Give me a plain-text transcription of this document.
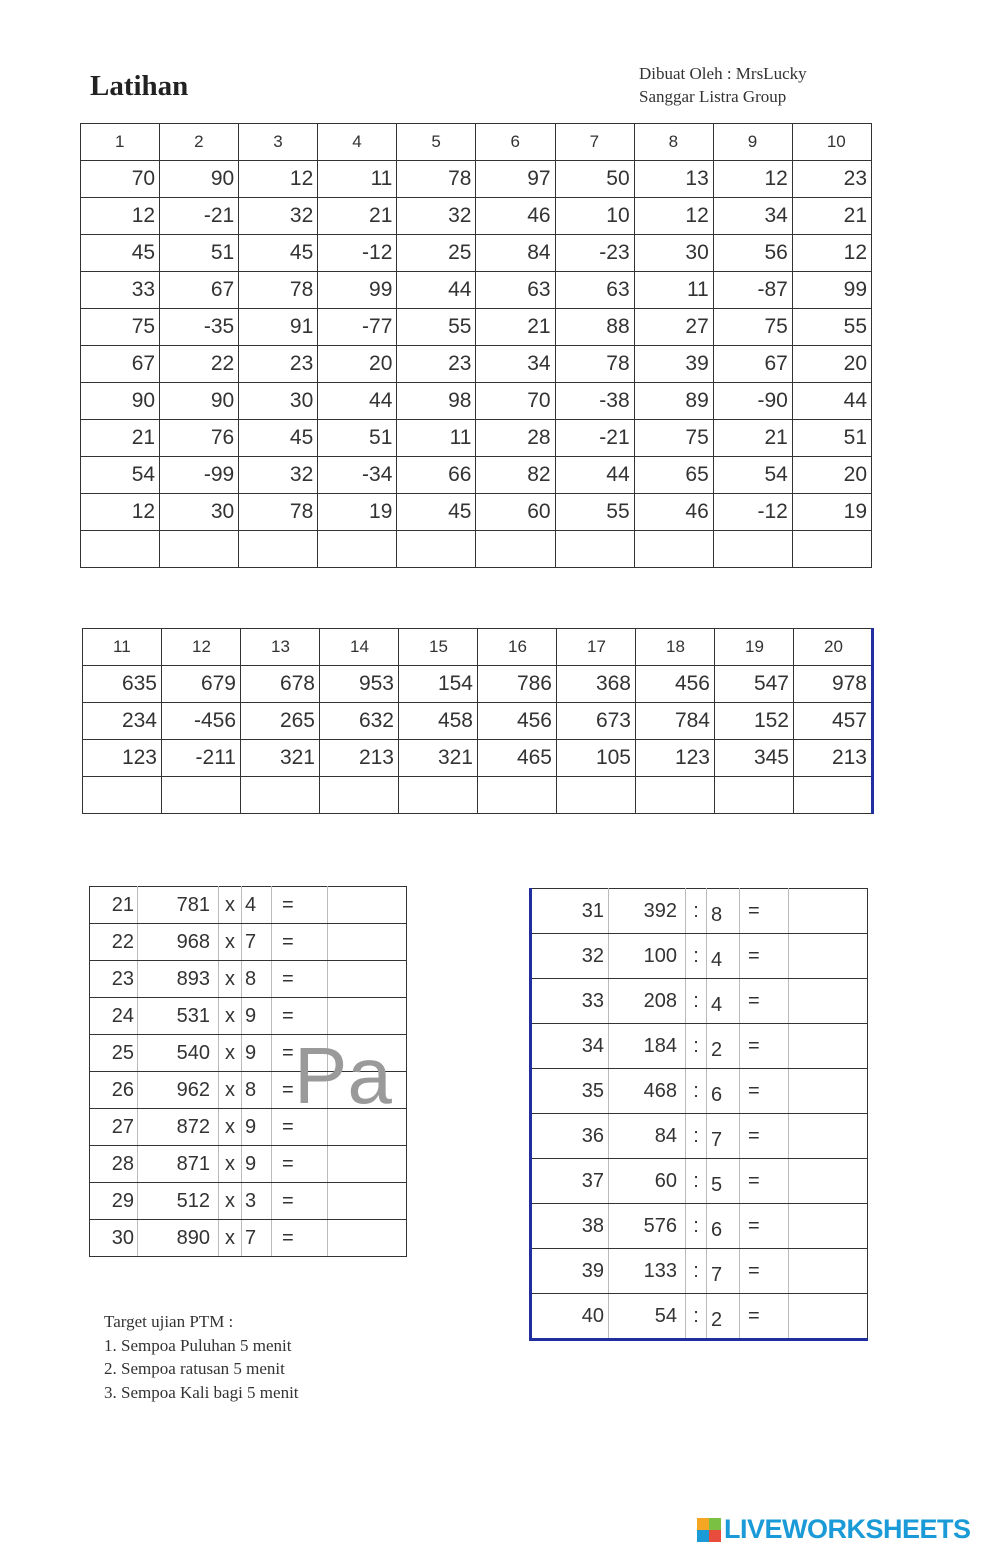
Latihan	Dibuat Oleh : MrsLucky
Sanggar Listra Group
1	2	3	4	5	6	7	8	9	10
70	90	12	11	78	97	50	13	12	23
12	-21	32	21	32	46	10	12	34	21
45	51	45	-12	25	84	-23	30	56	12
33	67	78	99	44	63	63	11	-87	99
75	-35	91	-77	55	21	88	27	75	55
67	22	23	20	23	34	78	39	67	20
90	90	30	44	98	70	-38	89	-90	44
21	76	45	51	11	28	-21	75	21	51
54	-99	32	-34	66	82	44	65	54	20
12	30	78	19	45	60	55	46	-12	19

11	12	13	14	15	16	17	18	19	20
635	679	678	953	154	786	368	456	547	978
234	-456	265	632	458	456	673	784	152	457
123	-211	321	213	321	465	105	123	345	213

21	781	x	4	=	
22	968	x	7	=	
23	893	x	8	=	
24	531	x	9	=	
25	540	x	9	=	
26	962	x	8	=	
27	872	x	9	=	
28	871	x	9	=	
29	512	x	3	=	
30	890	x	7	=	
31	392	:	8	=	
32	100	:	4	=	
33	208	:	4	=	
34	184	:	2	=	
35	468	:	6	=	
36	84	:	7	=	
37	60	:	5	=	
38	576	:	6	=	
39	133	:	7	=	
40	54	:	2	=	
Pa
Target ujian PTM :
1. Sempoa Puluhan 5 menit
2. Sempoa ratusan 5 menit
3. Sempoa Kali bagi 5 menit
LIVEWORKSHEETS
